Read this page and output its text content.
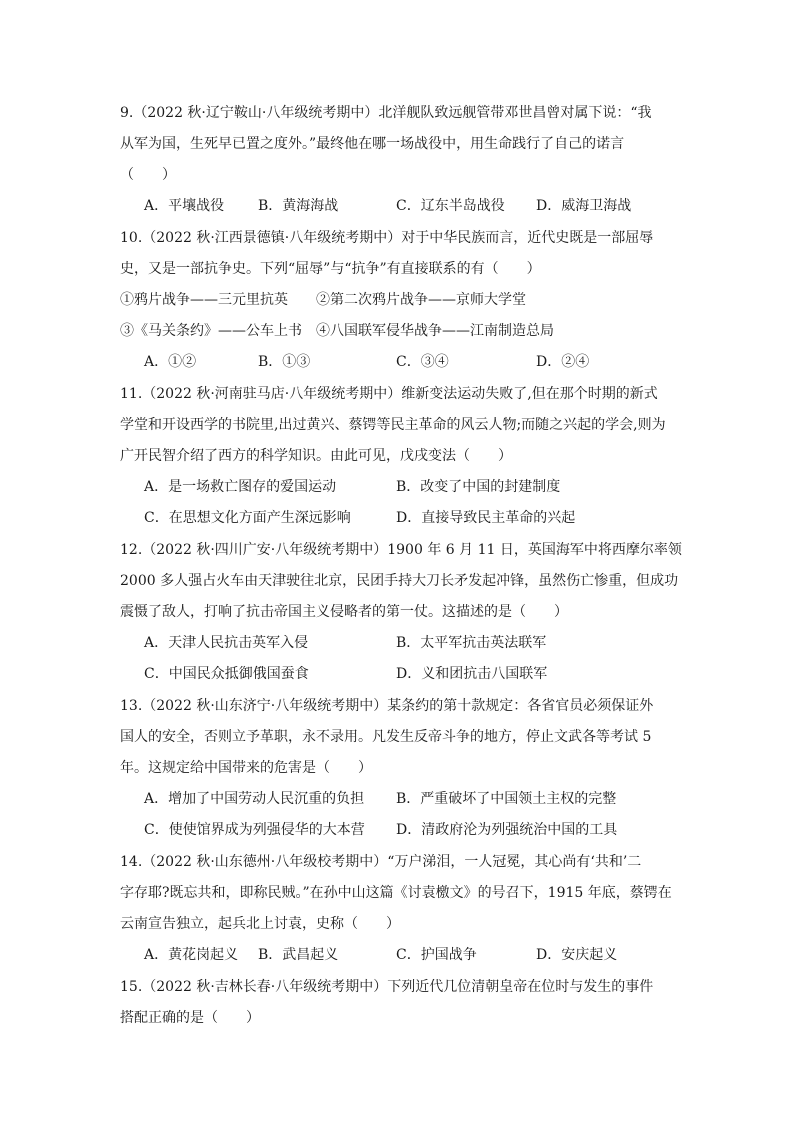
9.（2022 秋·辽宁鞍山·八年级统考期中）北洋舰队致远舰管带邓世昌曾对属下说：“我
从军为国，生死早已置之度外。”最终他在哪一场战役中，用生命践行了自己的诺言
（　　）
A．平壤战役 B．黄海海战	C．辽东半岛战役 D．威海卫海战
10.（2022 秋·江西景德镇·八年级统考期中）对于中华民族而言，近代史既是一部屈辱
史，又是一部抗争史。下列“屈辱”与“抗争”有直接联系的有（　　）
①鸦片战争——三元里抗英　　②第二次鸦片战争——京师大学堂
③《马关条约》——公车上书　④八国联军侵华战争——江南制造总局
A．①②	B．①③	C．③④	D．②④
11.（2022 秋·河南驻马店·八年级统考期中）维新变法运动失败了,但在那个时期的新式
学堂和开设西学的书院里,出过黄兴、蔡锷等民主革命的风云人物;而随之兴起的学会,则为
广开民智介绍了西方的科学知识。由此可见，戊戌变法（　　）
A．是一场救亡图存的爱国运动	B．改变了中国的封建制度
C．在思想文化方面产生深远影响	D．直接导致民主革命的兴起
12.（2022 秋·四川广安·八年级统考期中）1900 年 6 月 11 日，英国海军中将西摩尔率领
2000 多人强占火车由天津驶往北京，民团手持大刀长矛发起冲锋，虽然伤亡惨重，但成功
震慑了敌人，打响了抗击帝国主义侵略者的第一仗。这描述的是（　　）
A．天津人民抗击英军入侵	B．太平军抗击英法联军
C．中国民众抵御俄国蚕食	D．义和团抗击八国联军
13.（2022 秋·山东济宁·八年级统考期中）某条约的第十款规定：各省官员必须保证外
国人的安全，否则立予革职，永不录用。凡发生反帝斗争的地方，停止文武各等考试 5
年。这规定给中国带来的危害是（　　）
A．增加了中国劳动人民沉重的负担 B．严重破坏了中国领土主权的完整
C．使使馆界成为列强侵华的大本营 D．清政府沦为列强统治中国的工具
14.（2022 秋·山东德州·八年级校考期中）“万户涕泪，一人冠冕，其心尚有‘共和’二
字存耶?既忘共和，即称民贼。”在孙中山这篇《讨袁檄文》的号召下，1915 年底，蔡锷在
云南宣告独立，起兵北上讨袁，史称（　　）
A．黄花岗起义 B．武昌起义	C．护国战争	D．安庆起义
15.（2022 秋·吉林长春·八年级统考期中）下列近代几位清朝皇帝在位时与发生的事件
搭配正确的是（　　）
